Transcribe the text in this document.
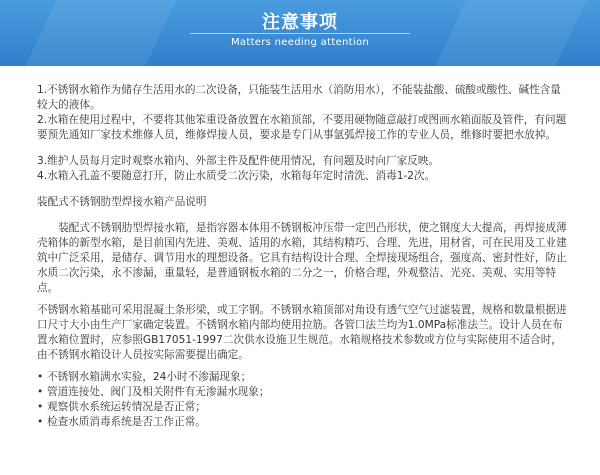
注意事项
Matters needing attention

1.不锈钢水箱作为储存生活用水的二次设备，只能装生活用水（消防用水），不能装盐酸、硫酸或酸性、碱性含量较大的液体。

2.水箱在使用过程中，不要将其他笨重设备放置在水箱顶部，不要用硬物随意敲打或图画水箱面版及管件，有问题要预先通知厂家技术维修人员，维修焊接人员，要求是专门从事氩弧焊接工作的专业人员，维修时要把水放掉。

3.维护人员每月定时观察水箱内、外部主件及配件使用情况，有问题及时向厂家反映。

4.水箱入孔盖不要随意打开，防止水质受二次污染，水箱每年定时清洗、消毒1-2次。

装配式不锈钢肋型焊接水箱产品说明

装配式不锈钢肋型焊接水箱，是指容器本体用不锈钢板冲压带一定凹凸形状，使之钢度大大提高，再焊接成薄壳箱体的新型水箱，是目前国内先进、美观、适用的水箱，其结构精巧、合理、先进，用材省，可在民用及工业建筑中广泛采用，是储存、调节用水的理想设备。它具有结构设计合理、全焊接现场组合，强度高、密封性好，防止水质二次污染，永不渗漏，重量轻，是普通钢板水箱的二分之一，价格合理，外观整洁、光亮、美观、实用等特点。

不锈钢水箱基础可采用混凝土条形梁，或工字钢。不锈钢水箱顶部对角设有透气空气过滤装置，规格和数量根据进口尺寸大小由生产厂家确定装置。不锈钢水箱内部均使用拉筋。各管口法兰均为1.0MPa标准法兰。设计人员在布置水箱位置时，应参照GB17051-1997二次供水设施卫生规范。水箱规格技术参数或方位与实际使用不适合时，由不锈钢水箱设计人员按实际需要提出确定。

• 不锈钢水箱满水实验，24小时不渗漏现象；
• 管道连接处、阀门及相关附件有无渗漏水现象；
• 观察供水系统运转情况是否正常；
• 检查水质消毒系统是否工作正常。
